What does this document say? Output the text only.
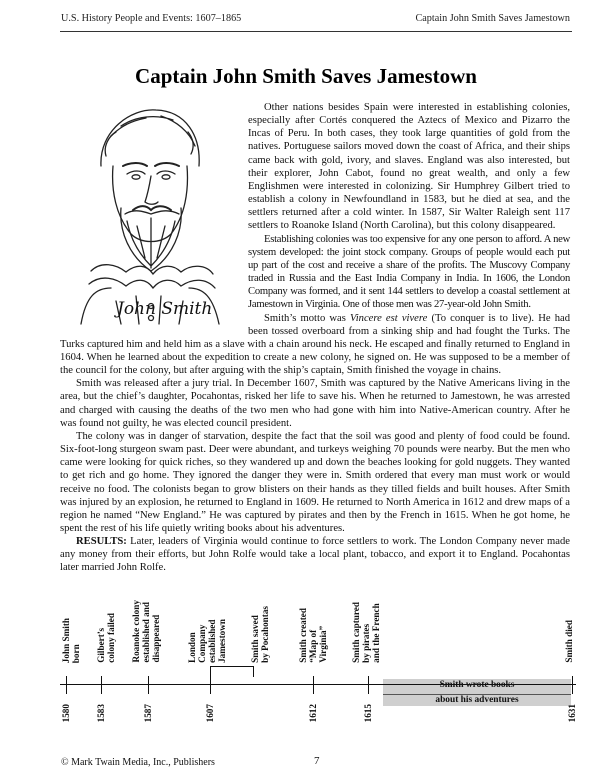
U.S. History People and Events: 1607–1865	Captain John Smith Saves Jamestown
Captain John Smith Saves Jamestown
John Smith

Other nations besides Spain were interested in establishing colonies, especially after Cortés conquered the Aztecs of Mexico and Pizarro the Incas of Peru. In both cases, they took large quantities of gold from the natives. Portuguese sailors moved down the coast of Africa, and their ships came back with gold, ivory, and slaves. England was also interested, but their explorer, John Cabot, found no great wealth, and only a few Englishmen were interested in colonizing. Sir Humphrey Gilbert tried to establish a colony in Newfoundland in 1583, but he died at sea, and the settlers returned after a cold winter. In 1587, Sir Walter Raleigh sent 117 settlers to Roanoke Island (North Carolina), but this colony disappeared.

Establishing colonies was too expensive for any one person to afford. A new system developed: the joint stock company. Groups of people would each put up part of the cost and receive a share of the profits. The Muscovy Company traded in Russia and the East India Company in India. In 1606, the London Company was formed, and it sent 144 settlers to develop a coastal settlement at Jamestown in Virginia. One of those men was 27-year-old John Smith.

Smith’s motto was Vincere est vivere (To conquer is to live). He had been tossed overboard from a sinking ship and had fought the Turks. The Turks captured him and held him as a slave with a chain around his neck. He escaped and finally returned to England in 1604. When he learned about the expedition to create a new colony, he signed on. He was supposed to be a member of the council for the colony, but after arguing with the ship’s captain, Smith finished the voyage in chains.

Smith was released after a jury trial. In December 1607, Smith was captured by the Native Americans living in the area, but the chief’s daughter, Pocahontas, risked her life to save his. When he returned to Jamestown, he was arrested and charged with causing the deaths of the two men who had gone with him into Native-American country. After he was found not guilty, he was elected council president.

The colony was in danger of starvation, despite the fact that the soil was good and plenty of food could be found. Six-foot-long sturgeon swam past. Deer were abundant, and turkeys weighing 70 pounds were nearby. But the men who came were looking for quick riches, so they wandered up and down the beaches looking for gold nuggets. They wanted to get rich and go home. They ignored the danger they were in. Smith ordered that every man must work or would receive no food. The colonists began to grow blisters on their hands as they tilled fields and built houses. After Smith was injured by an explosion, he returned to England in 1609. He returned to North America in 1612 and drew maps of a region he named “New England.” He was captured by pirates and then by the French in 1615. When he got home, he spent the rest of his life quietly writing books about his adventures.

RESULTS: Later, leaders of Virginia would continue to force settlers to work. The London Company never made any money from their efforts, but John Rolfe would take a local plant, tobacco, and export it to England. Pocahontas later married John Rolfe.

John Smith
born Gilbert’s
colony failed
Roanoke colony
established and
disappeared	London
Company
established
Jamestown	Smith saved
by Pocahontas
Smith created
“Map of
Virginia”	Smith captured
by pirates
and the French
Smith died
Smith wrote books
about his adventures
1580	1583	1587	1607	1612	1615	1631
© Mark Twain Media, Inc., Publishers	7
